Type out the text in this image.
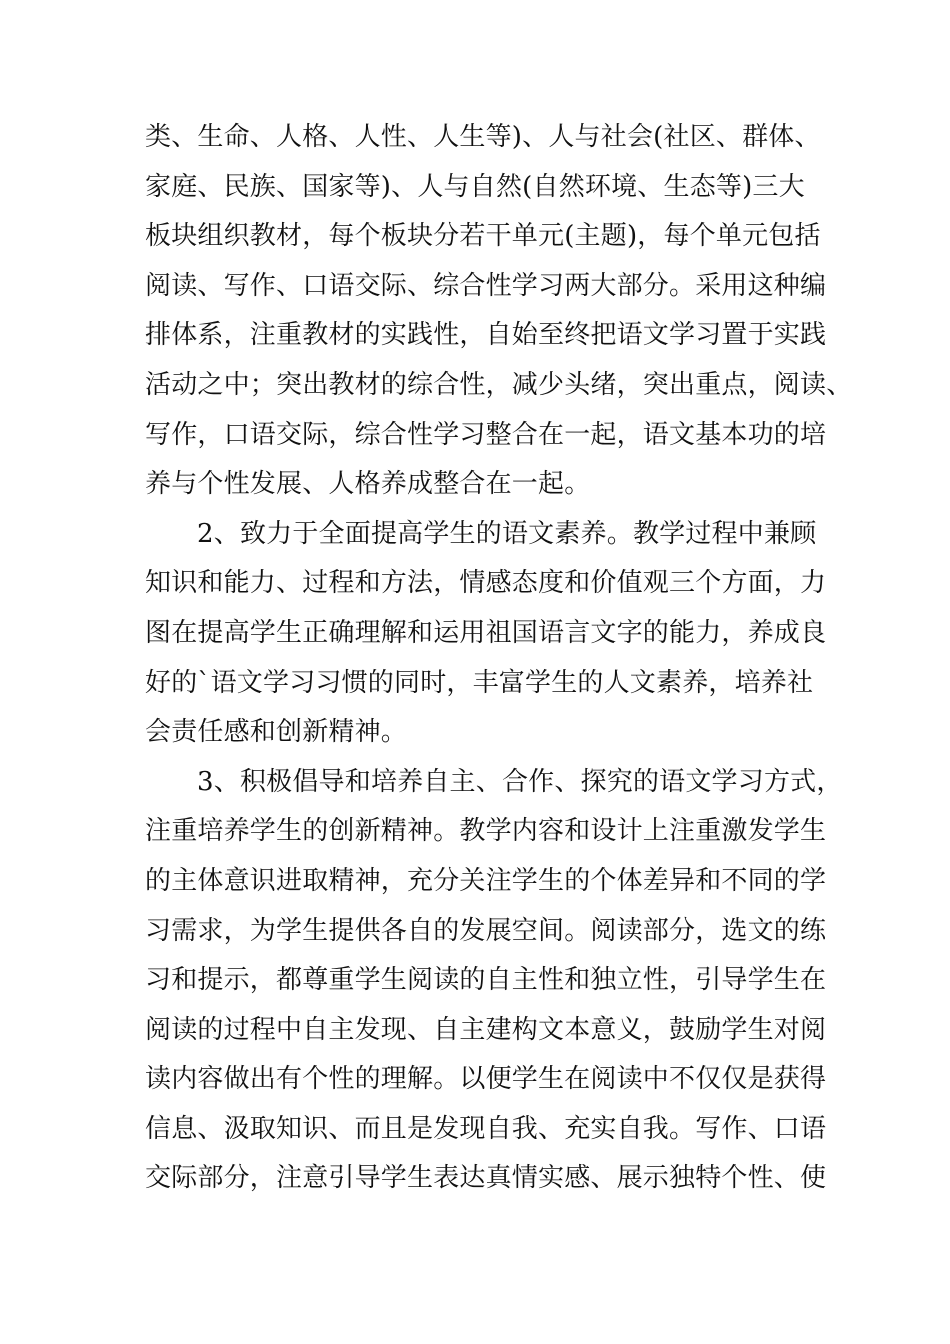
类、生命、人格、人性、人生等)、人与社会(社区、群体、
家庭、民族、国家等)、人与自然(自然环境、生态等)三大
板块组织教材，每个板块分若干单元(主题)，每个单元包括
阅读、写作、口语交际、综合性学习两大部分。采用这种编
排体系，注重教材的实践性，自始至终把语文学习置于实践
活动之中；突出教材的综合性，减少头绪，突出重点，阅读、
写作，口语交际，综合性学习整合在一起，语文基本功的培
养与个性发展、人格养成整合在一起。
2、致力于全面提高学生的语文素养。教学过程中兼顾
知识和能力、过程和方法，情感态度和价值观三个方面，力
图在提高学生正确理解和运用祖国语言文字的能力，养成良
好的`语文学习习惯的同时，丰富学生的人文素养，培养社
会责任感和创新精神。
3、积极倡导和培养自主、合作、探究的语文学习方式，
注重培养学生的创新精神。教学内容和设计上注重激发学生
的主体意识进取精神，充分关注学生的个体差异和不同的学
习需求，为学生提供各自的发展空间。阅读部分，选文的练
习和提示，都尊重学生阅读的自主性和独立性，引导学生在
阅读的过程中自主发现、自主建构文本意义，鼓励学生对阅
读内容做出有个性的理解。以便学生在阅读中不仅仅是获得
信息、汲取知识、而且是发现自我、充实自我。写作、口语
交际部分，注意引导学生表达真情实感、展示独特个性、使
